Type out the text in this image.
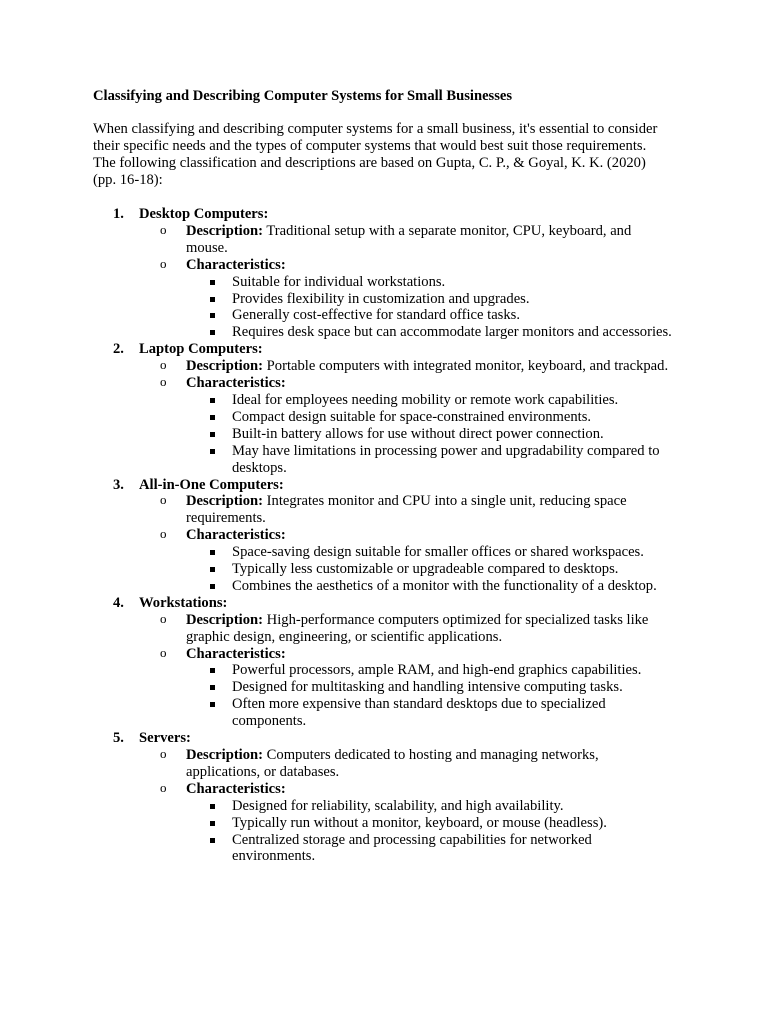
Classifying and Describing Computer Systems for Small Businesses

When classifying and describing computer systems for a small business, it's essential to consider their specific needs and the types of computer systems that would best suit those requirements. The following classification and descriptions are based on Gupta, C. P., & Goyal, K. K. (2020) (pp. 16-18):

1. Desktop Computers:
o Description: Traditional setup with a separate monitor, CPU, keyboard, and mouse.
o Characteristics:
Suitable for individual workstations.
Provides flexibility in customization and upgrades.
Generally cost-effective for standard office tasks.
Requires desk space but can accommodate larger monitors and accessories.
2. Laptop Computers:
o Description: Portable computers with integrated monitor, keyboard, and trackpad.
o Characteristics:
Ideal for employees needing mobility or remote work capabilities.
Compact design suitable for space-constrained environments.
Built-in battery allows for use without direct power connection.
May have limitations in processing power and upgradability compared to desktops.
3. All-in-One Computers:
o Description: Integrates monitor and CPU into a single unit, reducing space requirements.
o Characteristics:
Space-saving design suitable for smaller offices or shared workspaces.
Typically less customizable or upgradeable compared to desktops.
Combines the aesthetics of a monitor with the functionality of a desktop.
4. Workstations:
o Description: High-performance computers optimized for specialized tasks like graphic design, engineering, or scientific applications.
o Characteristics:
Powerful processors, ample RAM, and high-end graphics capabilities.
Designed for multitasking and handling intensive computing tasks.
Often more expensive than standard desktops due to specialized components.
5. Servers:
o Description: Computers dedicated to hosting and managing networks, applications, or databases.
o Characteristics:
Designed for reliability, scalability, and high availability.
Typically run without a monitor, keyboard, or mouse (headless).
Centralized storage and processing capabilities for networked environments.
